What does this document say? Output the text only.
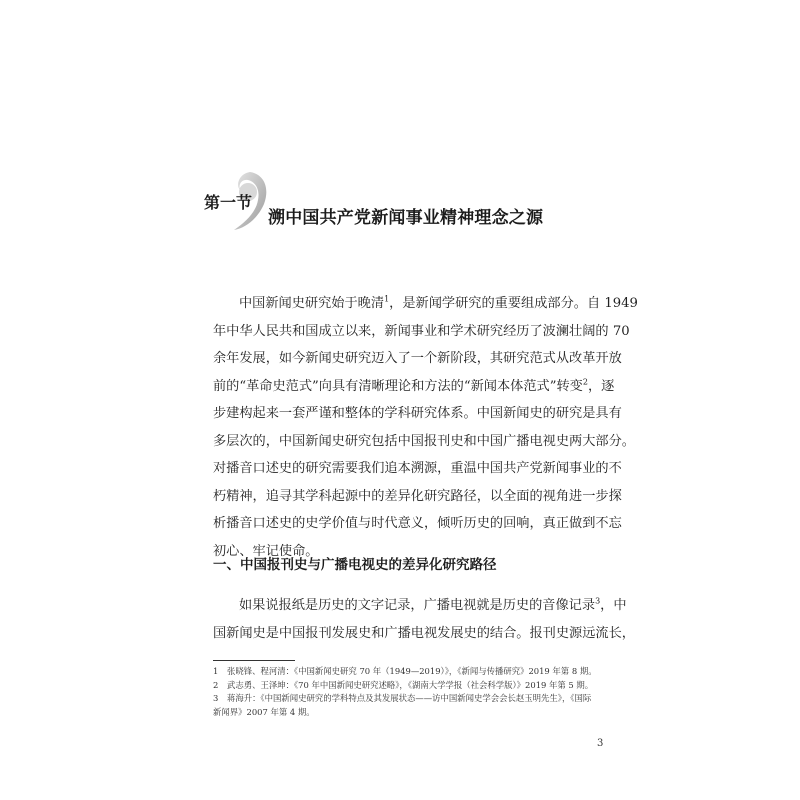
第一节
溯中国共产党新闻事业精神理念之源
中国新闻史研究始于晚清$^1$，是新闻学研究的重要组成部分。自 1949
年中华人民共和国成立以来，新闻事业和学术研究经历了波澜壮阔的 70
余年发展，如今新闻史研究迈入了一个新阶段，其研究范式从改革开放
前的“革命史范式”向具有清晰理论和方法的“新闻本体范式”转变$^2$，逐
步建构起来一套严谨和整体的学科研究体系。中国新闻史的研究是具有
多层次的，中国新闻史研究包括中国报刊史和中国广播电视史两大部分。
对播音口述史的研究需要我们追本溯源，重温中国共产党新闻事业的不
朽精神，追寻其学科起源中的差异化研究路径，以全面的视角进一步探
析播音口述史的史学价值与时代意义，倾听历史的回响，真正做到不忘
初心、牢记使命。
一、中国报刊史与广播电视史的差异化研究路径
如果说报纸是历史的文字记录，广播电视就是历史的音像记录$^3$，中
国新闻史是中国报刊发展史和广播电视发展史的结合。报刊史源远流长，
1 张晓锋、程河清：《中国新闻史研究 70 年（1949—2019）》，《新闻与传播研究》2019 年第 8 期。
2 武志勇、王泽坤：《70 年中国新闻史研究述略》，《湖南大学学报（社会科学版）》2019 年第 5 期。
3 蒋海升：《中国新闻史研究的学科特点及其发展状态——访中国新闻史学会会长赵玉明先生》，《国际
新闻界》2007 年第 4 期。
3
